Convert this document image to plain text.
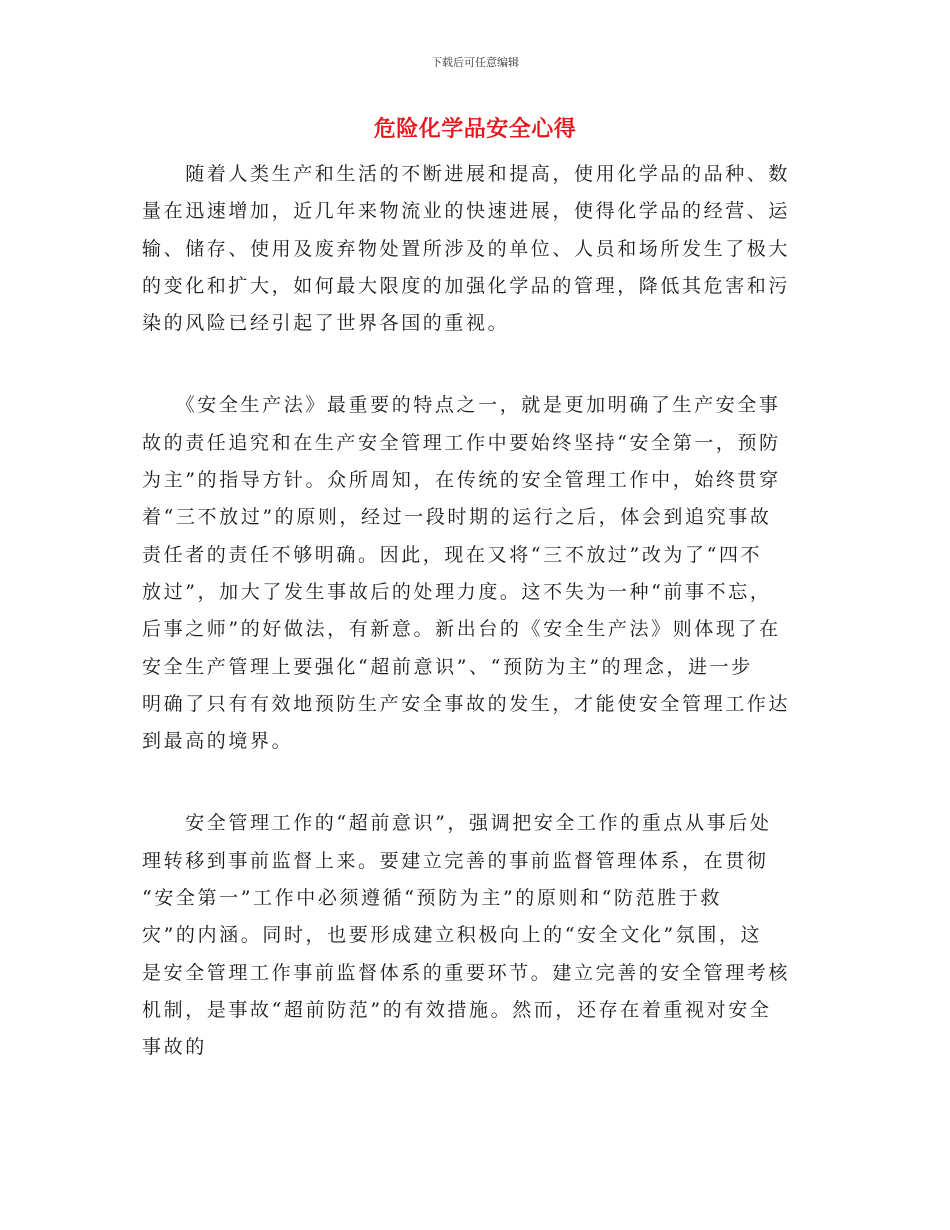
下载后可任意编辑
危险化学品安全心得
　　随着人类生产和生活的不断进展和提高，使用化学品的品种、数
量在迅速增加，近几年来物流业的快速进展，使得化学品的经营、运
输、储存、使用及废弃物处置所涉及的单位、人员和场所发生了极大
的变化和扩大，如何最大限度的加强化学品的管理，降低其危害和污
染的风险已经引起了世界各国的重视。
　　《安全生产法》最重要的特点之一，就是更加明确了生产安全事
故的责任追究和在生产安全管理工作中要始终坚持“安全第一，预防
为主”的指导方针。众所周知，在传统的安全管理工作中，始终贯穿
着“三不放过”的原则，经过一段时期的运行之后，体会到追究事故
责任者的责任不够明确。因此，现在又将“三不放过”改为了“四不
放过”，加大了发生事故后的处理力度。这不失为一种“前事不忘，
后事之师”的好做法，有新意。新出台的《安全生产法》则体现了在
安全生产管理上要强化“超前意识”、“预防为主”的理念，进一步
明确了只有有效地预防生产安全事故的发生，才能使安全管理工作达
到最高的境界。
　　安全管理工作的“超前意识”，强调把安全工作的重点从事后处
理转移到事前监督上来。要建立完善的事前监督管理体系，在贯彻
“安全第一”工作中必须遵循“预防为主”的原则和“防范胜于救
灾”的内涵。同时，也要形成建立积极向上的“安全文化”氛围，这
是安全管理工作事前监督体系的重要环节。建立完善的安全管理考核
机制，是事故“超前防范”的有效措施。然而，还存在着重视对安全
事故的
